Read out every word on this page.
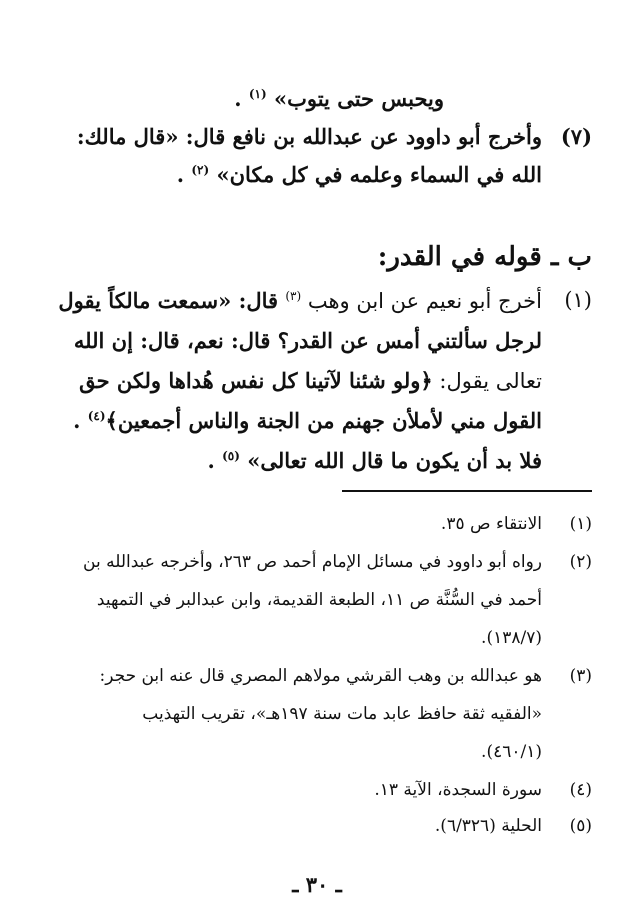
ويحبس حتى يتوب» $^{(١)}$ .
(٧)
وأخرج أبو داوود عن عبدالله بن نافع قال: «قال مالك:
الله في السماء وعلمه في كل مكان» $^{(٢)}$ .
ب ـ قوله في القدر:
(١)
أخرج أبو نعيم عن ابن وهب $^{(٣)}$ قال: «سمعت مالكاً يقول
لرجل سألتني أمس عن القدر؟ قال: نعم، قال: إن الله
تعالى يقول: ﴿ولو شئنا لآتينا كل نفس هُداها ولكن حق
القول مني لأملأن جهنم من الجنة والناس أجمعين﴾$^{(٤)}$ .
فلا بد أن يكون ما قال الله تعالى» $^{(٥)}$ .
(١)
الانتقاء ص ٣٥.
(٢)
رواه أبو داوود في مسائل الإمام أحمد ص ٢٦٣، وأخرجه عبدالله بن
أحمد في السُّنَّة ص ١١، الطبعة القديمة، وابن عبدالبر في التمهيد
(١٣٨/٧).
(٣)
هو عبدالله بن وهب القرشي مولاهم المصري قال عنه ابن حجر:
«الفقيه ثقة حافظ عابد مات سنة ١٩٧هـ»، تقريب التهذيب
(٤٦٠/١).
(٤)
سورة السجدة، الآية ١٣.
(٥)
الحلية (٦/٣٢٦).
ـ ٣٠ ـ
